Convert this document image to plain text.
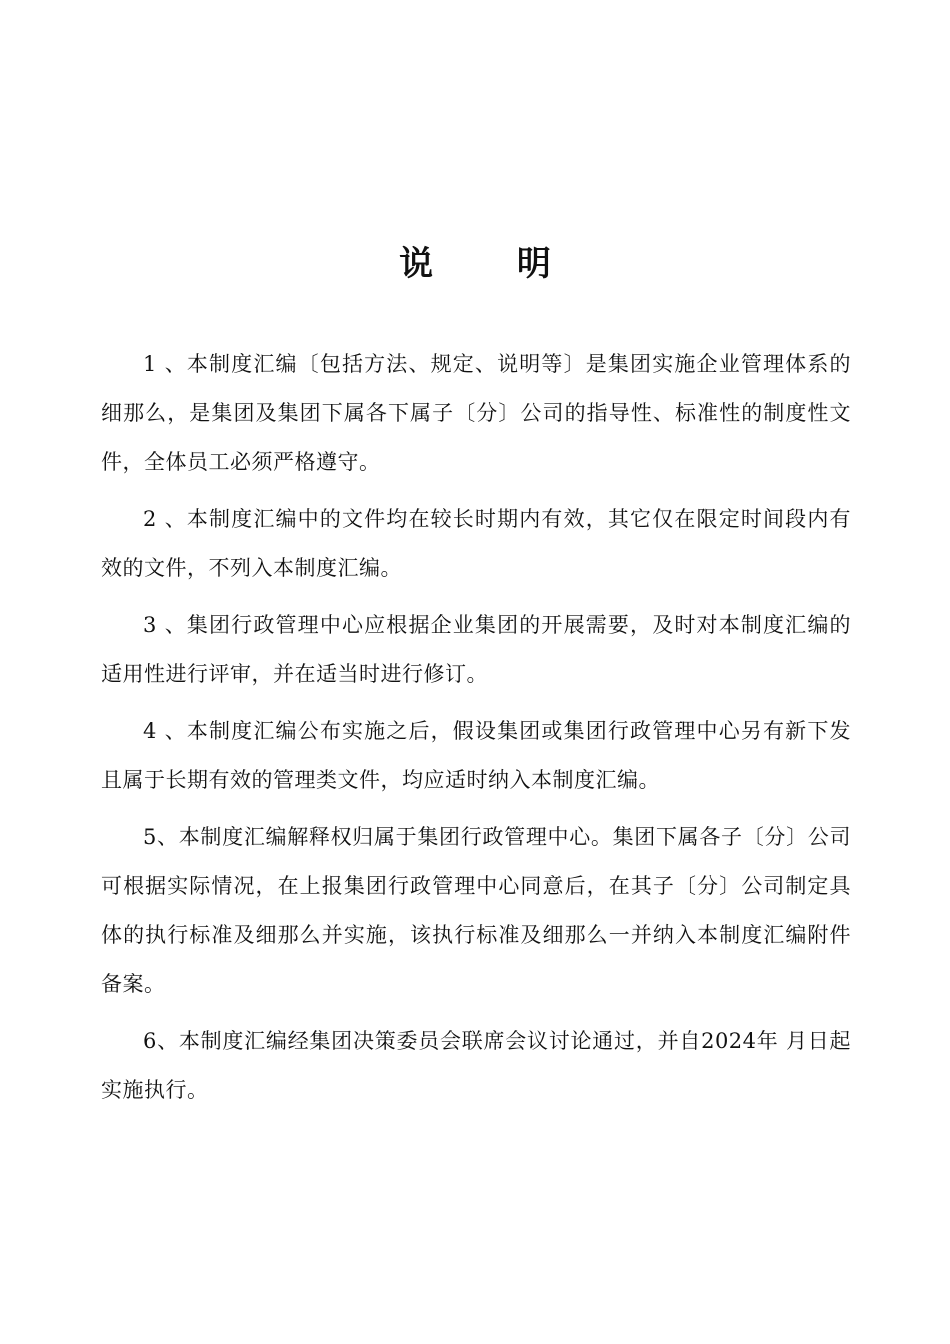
说 明

1 、本制度汇编〔包括方法、规定、说明等〕是集团实施企业管理体系的细那么，是集团及集团下属各下属子〔分〕公司的指导性、标准性的制度性文件，全体员工必须严格遵守。

2 、本制度汇编中的文件均在较长时期内有效，其它仅在限定时间段内有效的文件，不列入本制度汇编。

3 、集团行政管理中心应根据企业集团的开展需要，及时对本制度汇编的适用性进行评审，并在适当时进行修订。

4 、本制度汇编公布实施之后，假设集团或集团行政管理中心另有新下发且属于长期有效的管理类文件，均应适时纳入本制度汇编。

5、本制度汇编解释权归属于集团行政管理中心。集团下属各子〔分〕公司可根据实际情况，在上报集团行政管理中心同意后，在其子〔分〕公司制定具体的执行标准及细那么并实施，该执行标准及细那么一并纳入本制度汇编附件备案。

6、本制度汇编经集团决策委员会联席会议讨论通过，并自2024年 月日起实施执行。
